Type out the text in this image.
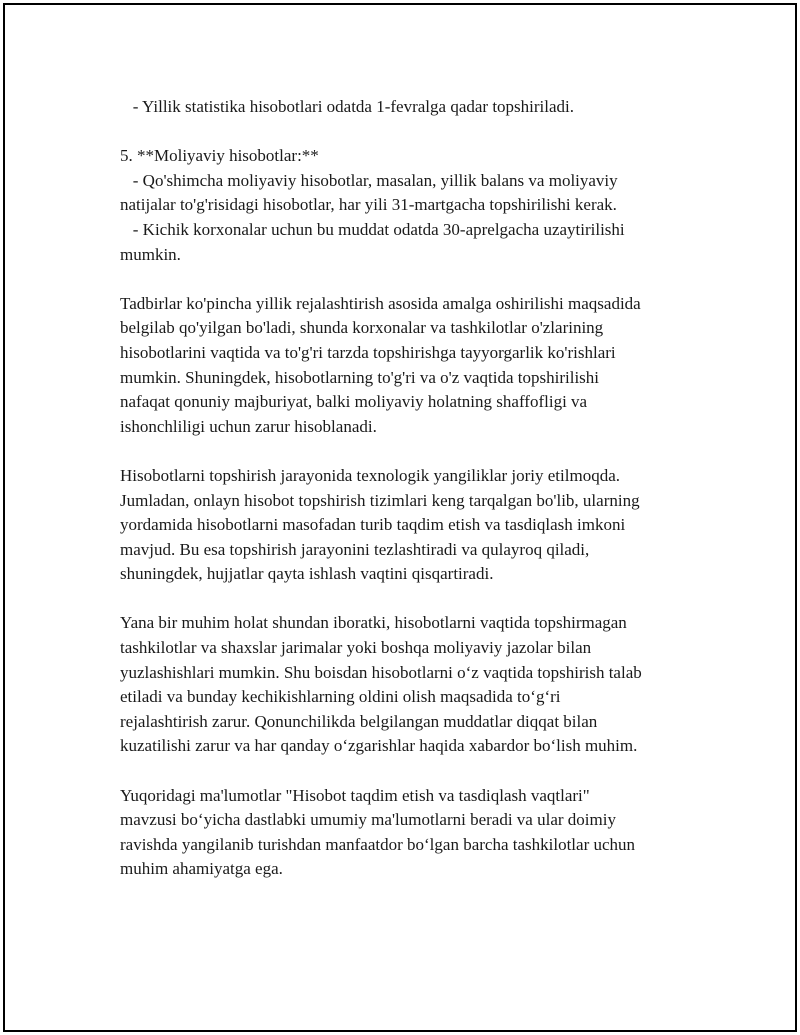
- Yillik statistika hisobotlari odatda 1-fevralga qadar topshiriladi.
5. **Moliyaviy hisobotlar:**
- Qo'shimcha moliyaviy hisobotlar, masalan, yillik balans va moliyaviy
natijalar to'g'risidagi hisobotlar, har yili 31-martgacha topshirilishi kerak.
- Kichik korxonalar uchun bu muddat odatda 30-aprelgacha uzaytirilishi
mumkin.
Tadbirlar ko'pincha yillik rejalashtirish asosida amalga oshirilishi maqsadida
belgilab qo'yilgan bo'ladi, shunda korxonalar va tashkilotlar o'zlarining
hisobotlarini vaqtida va to'g'ri tarzda topshirishga tayyorgarlik ko'rishlari
mumkin. Shuningdek, hisobotlarning to'g'ri va o'z vaqtida topshirilishi
nafaqat qonuniy majburiyat, balki moliyaviy holatning shaffofligi va
ishonchliligi uchun zarur hisoblanadi.
Hisobotlarni topshirish jarayonida texnologik yangiliklar joriy etilmoqda.
Jumladan, onlayn hisobot topshirish tizimlari keng tarqalgan bo'lib, ularning
yordamida hisobotlarni masofadan turib taqdim etish va tasdiqlash imkoni
mavjud. Bu esa topshirish jarayonini tezlashtiradi va qulayroq qiladi,
shuningdek, hujjatlar qayta ishlash vaqtini qisqartiradi.
Yana bir muhim holat shundan iboratki, hisobotlarni vaqtida topshirmagan
tashkilotlar va shaxslar jarimalar yoki boshqa moliyaviy jazolar bilan
yuzlashishlari mumkin. Shu boisdan hisobotlarni o‘z vaqtida topshirish talab
etiladi va bunday kechikishlarning oldini olish maqsadida to‘g‘ri
rejalashtirish zarur. Qonunchilikda belgilangan muddatlar diqqat bilan
kuzatilishi zarur va har qanday o‘zgarishlar haqida xabardor bo‘lish muhim.
Yuqoridagi ma'lumotlar "Hisobot taqdim etish va tasdiqlash vaqtlari"
mavzusi bo‘yicha dastlabki umumiy ma'lumotlarni beradi va ular doimiy
ravishda yangilanib turishdan manfaatdor bo‘lgan barcha tashkilotlar uchun
muhim ahamiyatga ega.
